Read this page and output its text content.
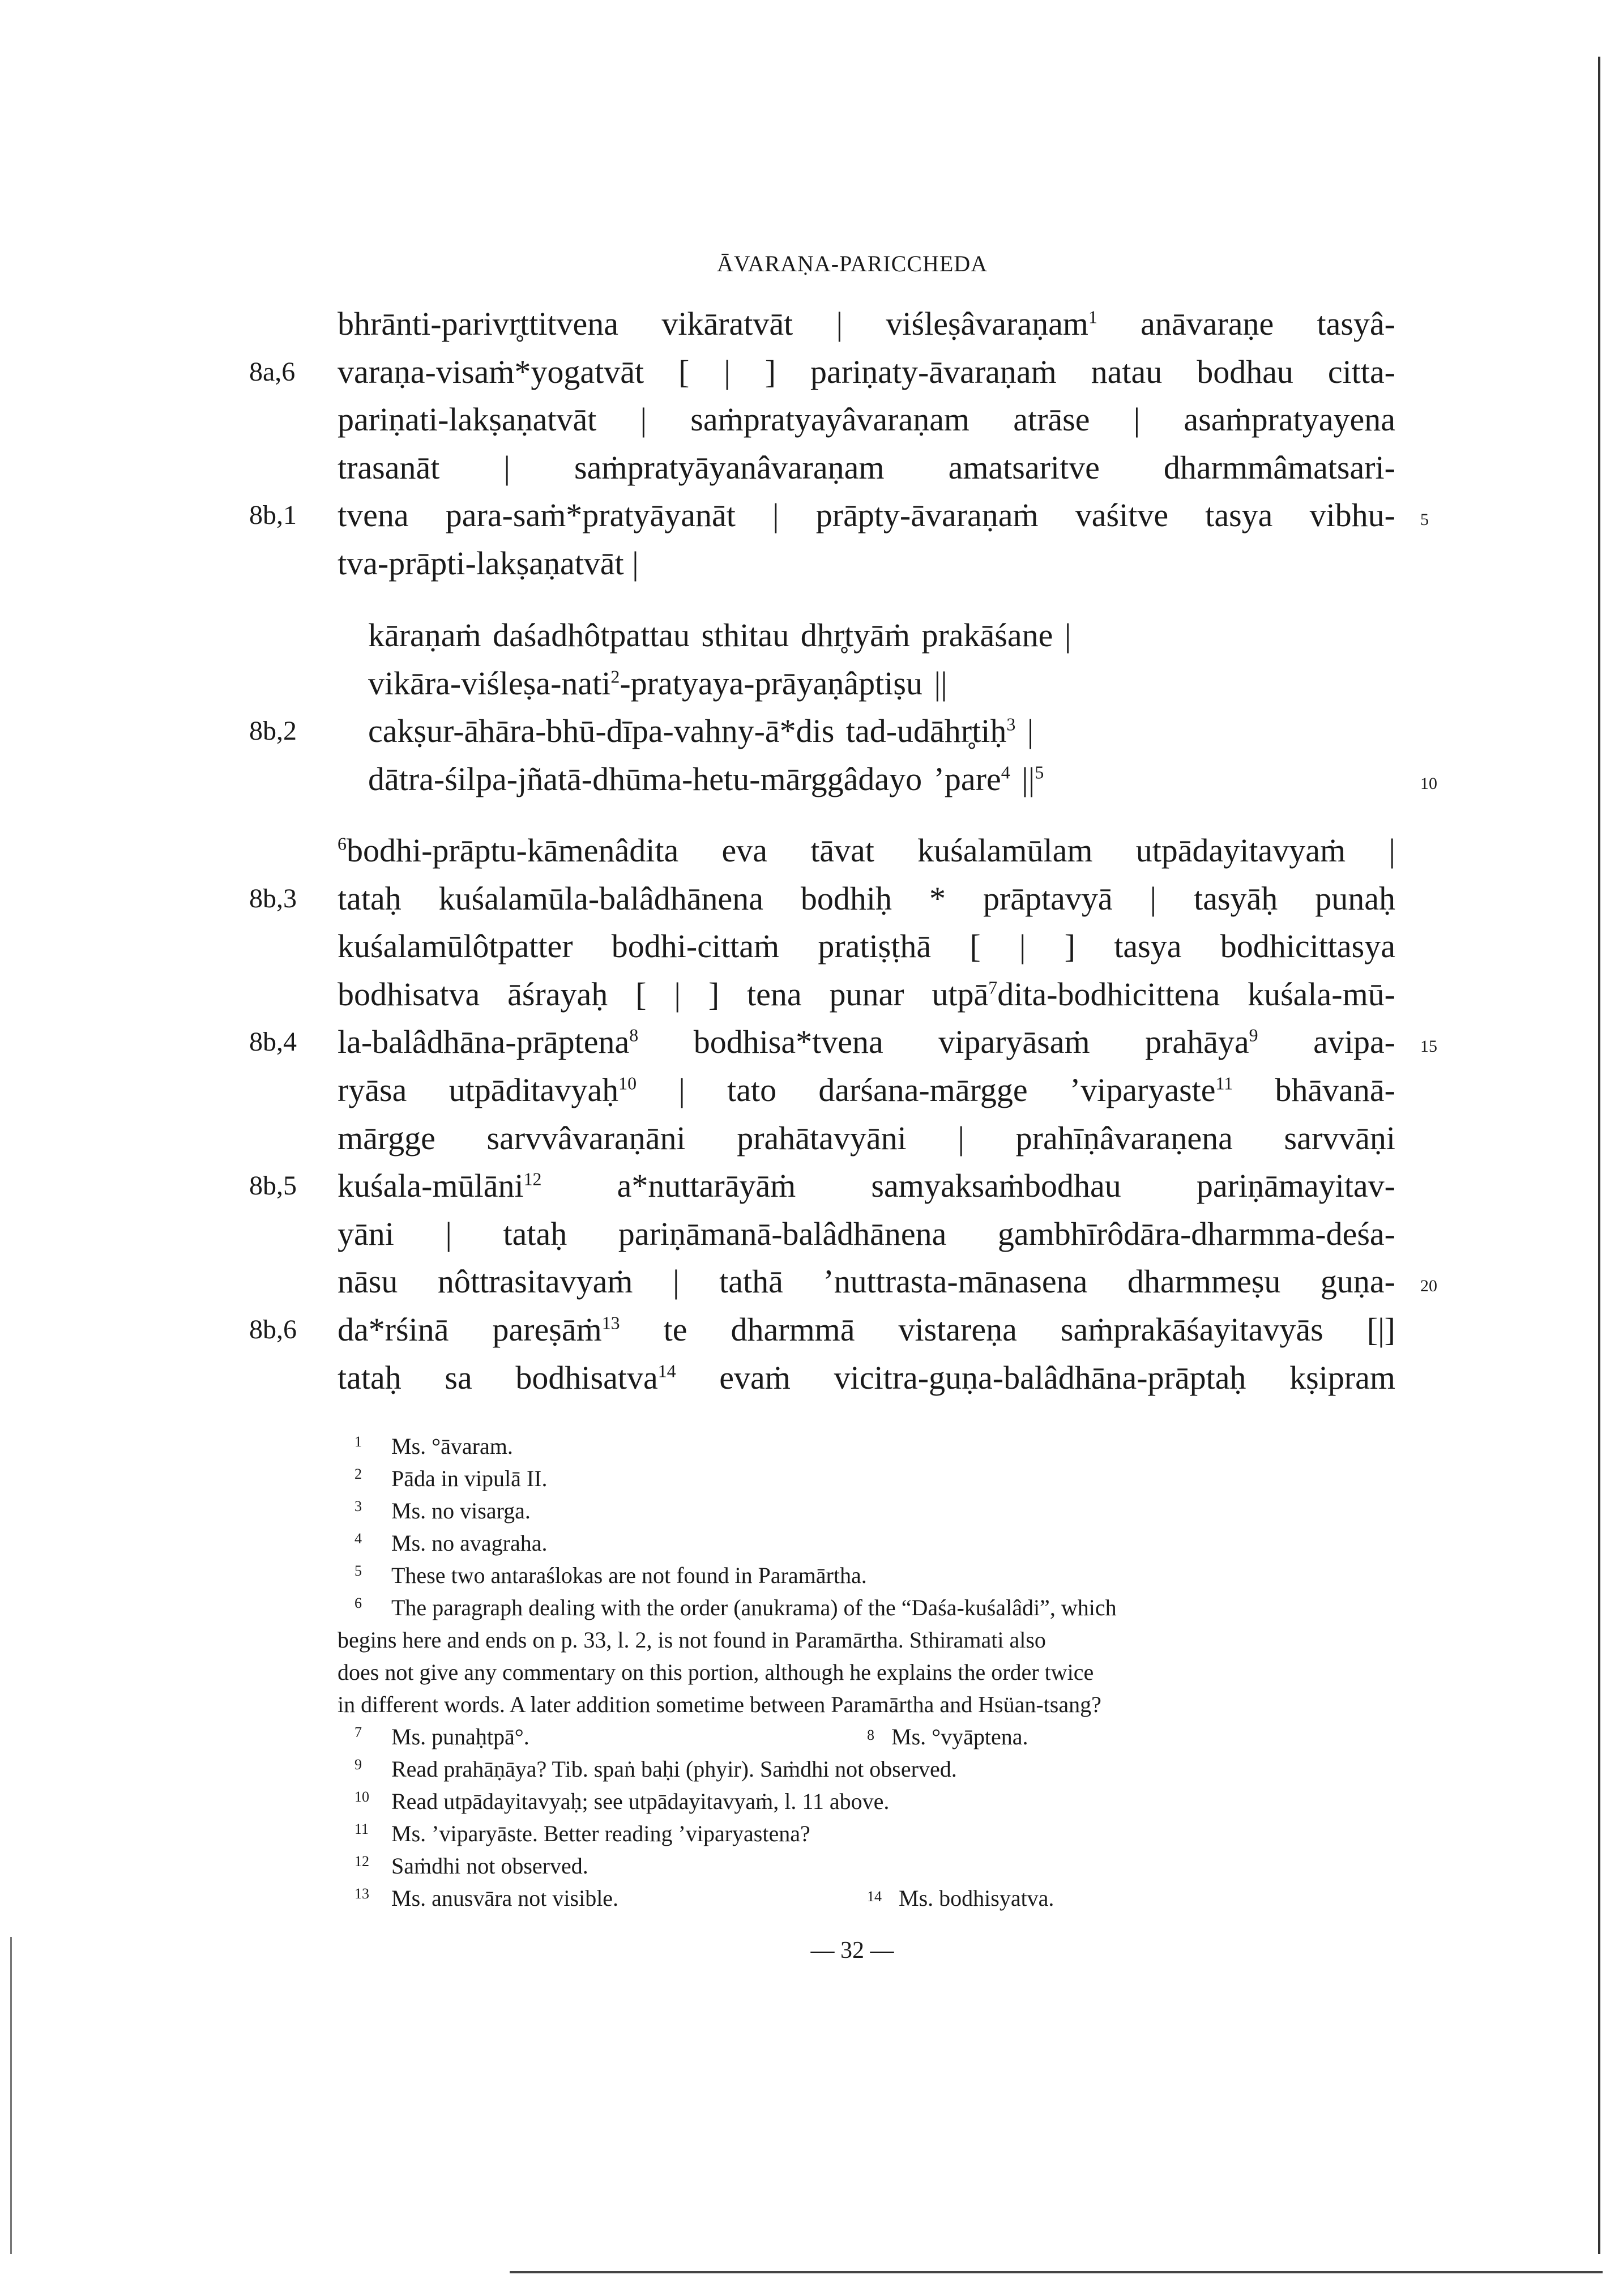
ĀVARAṆA-PARICCHEDA
bhrānti-parivr̥ttitvena vikāratvāt | viśleṣâvaraṇam$^1$ anāvaraṇe tasyâ-
varaṇa-visaṁ*yogatvāt [ | ] pariṇaty-āvaraṇaṁ natau bodhau citta-
pariṇati-lakṣaṇatvāt | saṁpratyayâvaraṇam atrāse | asaṁpratyayena
trasanāt | saṁpratyāyanâvaraṇam amatsaritve dharmmâmatsari-
tvena para-saṁ*pratyāyanāt | prāpty-āvaraṇaṁ vaśitve tasya vibhu-
tva-prāpti-lakṣaṇatvāt |
kāraṇaṁ daśadhôtpattau sthitau dhr̥tyāṁ prakāśane |
vikāra-viśleṣa-nati$^2$-pratyaya-prāyaṇâptiṣu ||
cakṣur-āhāra-bhū-dīpa-vahny-ā*dis tad-udāhr̥tiḥ$^3$ |
dātra-śilpa-jñatā-dhūma-hetu-mārggâdayo ’pare$^4$ $||^5$
$^6$bodhi-prāptu-kāmenâdita eva tāvat kuśalamūlam utpādayitavyaṁ |
tataḥ kuśalamūla-balâdhānena bodhiḥ * prāptavyā | tasyāḥ punaḥ
kuśalamūlôtpatter bodhi-cittaṁ pratiṣṭhā [ | ] tasya bodhicittasya
bodhisatva āśrayaḥ [ | ] tena punar utpā$^7$dita-bodhicittena kuśala-mū-
la-balâdhāna-prāptena$^8$ bodhisa*tvena viparyāsaṁ prahāya$^9$ avipa-
ryāsa utpāditavyaḥ$^{10}$ | tato darśana-mārgge ’viparyaste$^{11}$ bhāvanā-
mārgge sarvvâvaraṇāni prahātavyāni | prahīṇâvaraṇena sarvvāṇi
kuśala-mūlāni$^{12}$ a*nuttarāyāṁ samyaksaṁbodhau pariṇāmayitav-
yāni | tataḥ pariṇāmanā-balâdhānena gambhīrôdāra-dharmma-deśa-
nāsu nôttrasitavyaṁ | tathā ’nuttrasta-mānasena dharmmeṣu guṇa-
da*rśinā pareṣāṁ$^{13}$ te dharmmā vistareṇa saṁprakāśayitavyās [|]
tataḥ sa bodhisatva$^{14}$ evaṁ vicitra-guṇa-balâdhāna-prāptaḥ kṣipram
8a,6
8b,1	5
8b,2
10
8b,3
8b,4	15
8b,5
20
8b,6
1 Ms. °āvaram.
2 Pāda in vipulā II.
3 Ms. no visarga.
4 Ms. no avagraha.
5 These two antaraślokas are not found in Paramārtha.
6 The paragraph dealing with the order (anukrama) of the “Daśa-kuśalâdi”, which
begins here and ends on p. 33, l. 2, is not found in Paramārtha. Sthiramati also
does not give any commentary on this portion, although he explains the order twice
in different words. A later addition sometime between Paramārtha and Hsüan-tsang?
7 Ms. punaḥtpā°.	$^8$ Ms. °vyāptena.
9 Read prahāṇāya? Tib. spaṅ baḥi (phyir). Saṁdhi not observed.
10 Read utpādayitavyaḥ; see utpādayitavyaṁ, l. 11 above.
11 Ms. ’viparyāste. Better reading ’viparyastena?
12 Saṁdhi not observed.
13 Ms. anusvāra not visible.	$^{14}$ Ms. bodhisyatva.
— 32 —
